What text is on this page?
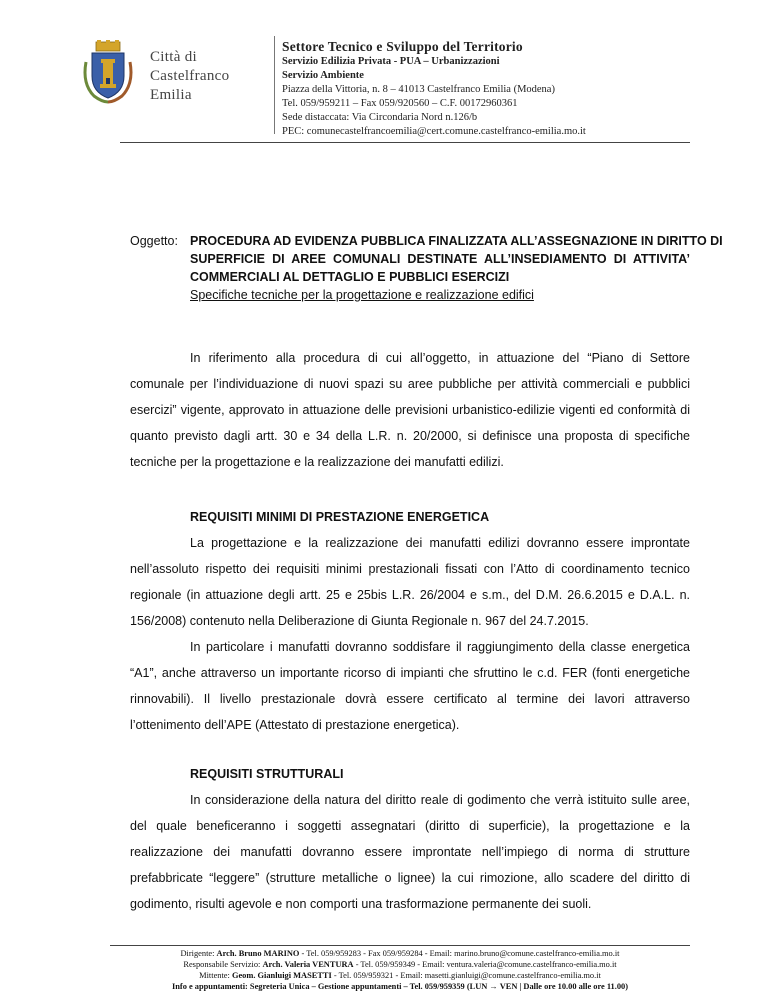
Città di
Castelfranco
Emilia
Settore Tecnico e Sviluppo del Territorio
Servizio Edilizia Privata - PUA – Urbanizzazioni
Servizio Ambiente
Piazza della Vittoria, n. 8 – 41013 Castelfranco Emilia (Modena)
Tel. 059/959211 – Fax 059/920560 – C.F. 00172960361
Sede distaccata: Via Circondaria Nord n.126/b
PEC: comunecastelfrancoemilia@cert.comune.castelfranco-emilia.mo.it
Oggetto: PROCEDURA AD EVIDENZA PUBBLICA FINALIZZATA ALL’ASSEGNAZIONE IN DIRITTO DI
SUPERFICIE DI AREE COMUNALI DESTINATE ALL’INSEDIAMENTO DI ATTIVITA’
COMMERCIALI AL DETTAGLIO E PUBBLICI ESERCIZI
Specifiche tecniche per la progettazione e realizzazione edifici
In riferimento alla procedura di cui all’oggetto, in attuazione del “Piano di Settore comunale per l’individuazione di nuovi spazi su aree pubbliche per attività commerciali e pubblici esercizi” vigente, approvato in attuazione delle previsioni urbanistico-edilizie vigenti ed conformità di quanto previsto dagli artt. 30 e 34 della L.R. n. 20/2000, si definisce una proposta di specifiche tecniche per la progettazione e la realizzazione dei manufatti edilizi.
REQUISITI MINIMI DI PRESTAZIONE ENERGETICA
La progettazione e la realizzazione dei manufatti edilizi dovranno essere improntate nell’assoluto rispetto dei requisiti minimi prestazionali fissati con l’Atto di coordinamento tecnico regionale (in attuazione degli artt. 25 e 25bis L.R. 26/2004 e s.m., del D.M. 26.6.2015 e D.A.L. n. 156/2008) contenuto nella Deliberazione di Giunta Regionale n. 967 del 24.7.2015.
In particolare i manufatti dovranno soddisfare il raggiungimento della classe energetica “A1”, anche attraverso un importante ricorso di impianti che sfruttino le c.d. FER (fonti energetiche rinnovabili). Il livello prestazionale dovrà essere certificato al termine dei lavori attraverso l’ottenimento dell’APE (Attestato di prestazione energetica).
REQUISITI STRUTTURALI
In considerazione della natura del diritto reale di godimento che verrà istituito sulle aree, del quale beneficeranno i soggetti assegnatari (diritto di superficie), la progettazione e la realizzazione dei manufatti dovranno essere improntate nell’impiego di norma di strutture prefabbricate “leggere” (strutture metalliche o lignee) la cui rimozione, allo scadere del diritto di godimento, risulti agevole e non comporti una trasformazione permanente dei suoli.
Dirigente: Arch. Bruno MARINO - Tel. 059/959283 - Fax 059/959284 - Email: marino.bruno@comune.castelfranco-emilia.mo.it
Responsabile Servizio: Arch. Valeria VENTURA - Tel. 059/959349 - Email: ventura.valeria@comune.castelfranco-emilia.mo.it
Mittente: Geom. Gianluigi MASETTI - Tel. 059/959321 - Email: masetti.gianluigi@comune.castelfranco-emilia.mo.it
Info e appuntamenti: Segreteria Unica – Gestione appuntamenti – Tel. 059/959359 (LUN → VEN | Dalle ore 10.00 alle ore 11.00)
